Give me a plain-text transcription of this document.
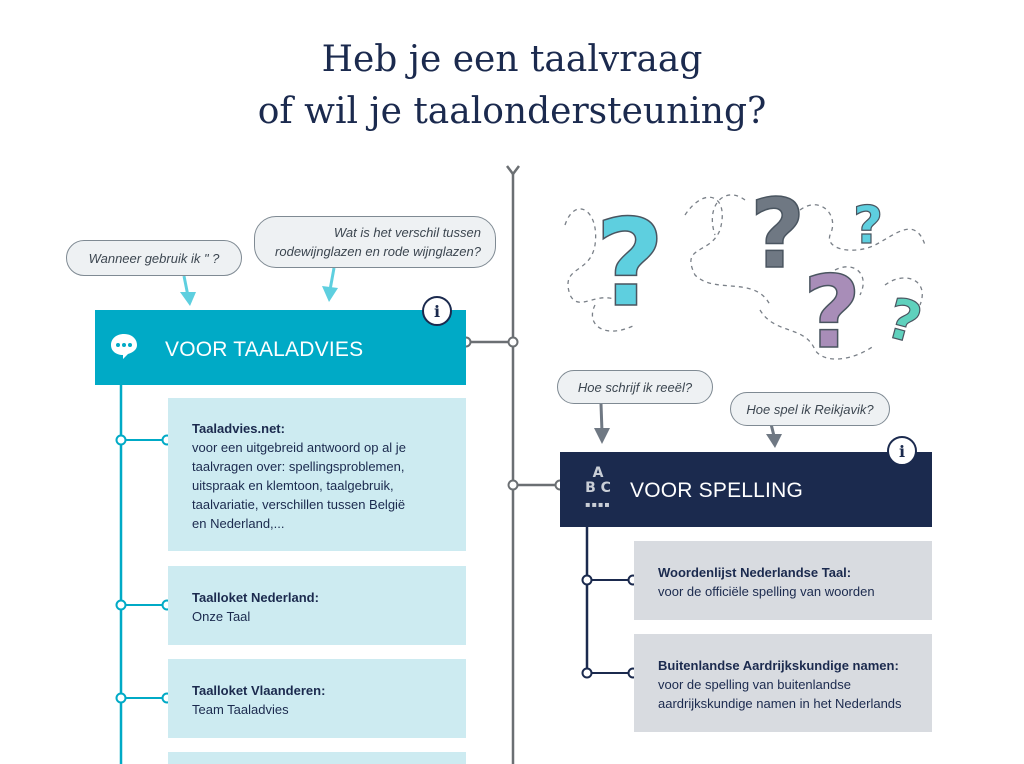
Heb je een taalvraag
of wil je taalondersteuning?
Wanneer gebruik ik " ?
Wat is het verschil tussen
rodewijnglazen en rode wijnglazen?
Hoe schrijf ik reeël?
Hoe spel ik Reikjavik?
VOOR TAALADVIES
i
A
B C
▪▪▪▪
VOOR SPELLING
i
Taaladvies.net:
voor een uitgebreid antwoord op al je
taalvragen over: spellingsproblemen,
uitspraak en klemtoon, taalgebruik,
taalvariatie, verschillen tussen België
en Nederland,...
Taalloket Nederland:
Onze Taal
Taalloket Vlaanderen:
Team Taaladvies
Woordenlijst Nederlandse Taal:
voor de officiële spelling van woorden
Buitenlandse Aardrijkskundige namen:
voor de spelling van buitenlandse
aardrijkskundige namen in het Nederlands
? ? ?
? ?
